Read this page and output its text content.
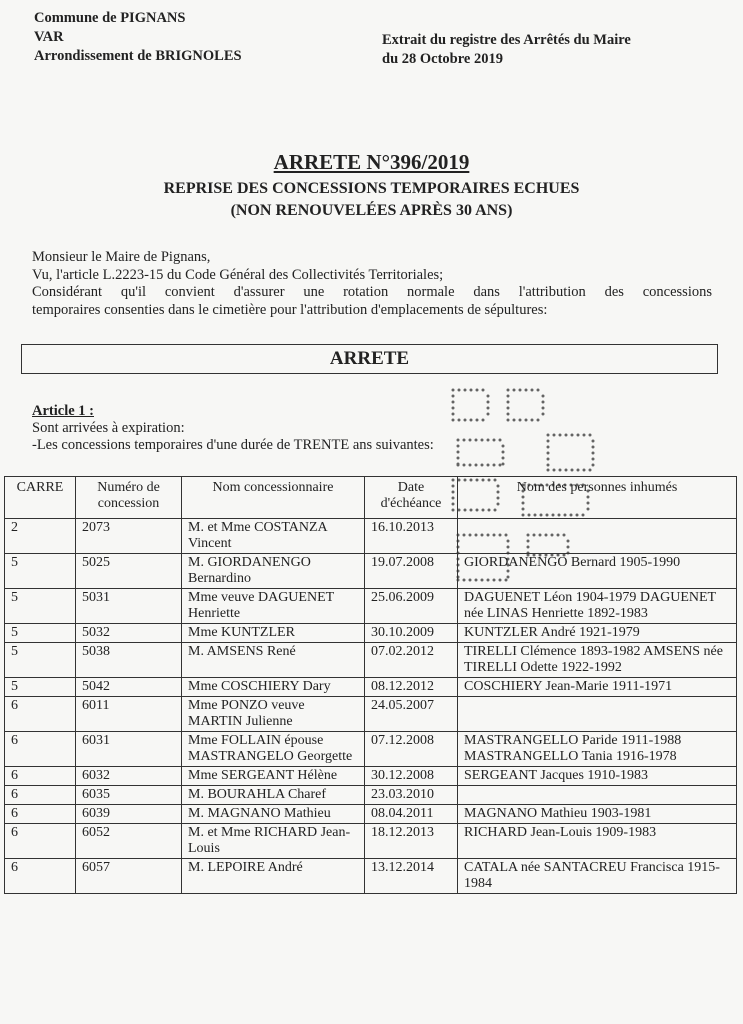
Commune de PIGNANS
VAR
Arrondissement de BRIGNOLES
Extrait du registre des Arrêtés du Maire
du 28 Octobre 2019
ARRETE N°396/2019
REPRISE DES CONCESSIONS TEMPORAIRES ECHUES
(NON RENOUVELÉES APRÈS 30 ANS)

Monsieur le Maire de Pignans,

Vu, l'article L.2223-15 du Code Général des Collectivités Territoriales;

Considérant qu'il convient d'assurer une rotation normale dans l'attribution des concessions

temporaires consenties dans le cimetière pour l'attribution d'emplacements de sépultures:

ARRETE

Article 1 :

Sont arrivées à expiration:

-Les concessions temporaires d'une durée de TRENTE ans suivantes:

CARRE	Numéro de concession	Nom concessionnaire	Date d'échéance	Nom des personnes inhumés
2	2073	M. et Mme COSTANZA Vincent	16.10.2013	
5	5025	M. GIORDANENGO Bernardino	19.07.2008	GIORDANENGO Bernard 1905-1990
5	5031	Mme veuve DAGUENET Henriette	25.06.2009	DAGUENET Léon 1904-1979 DAGUENET née LINAS Henriette 1892-1983
5	5032	Mme KUNTZLER	30.10.2009	KUNTZLER André 1921-1979
5	5038	M. AMSENS René	07.02.2012	TIRELLI Clémence 1893-1982 AMSENS née TIRELLI Odette 1922-1992
5	5042	Mme COSCHIERY Dary	08.12.2012	COSCHIERY Jean-Marie 1911-1971
6	6011	Mme PONZO veuve MARTIN Julienne	24.05.2007	
6	6031	Mme FOLLAIN épouse MASTRANGELO Georgette	07.12.2008	MASTRANGELLO Paride 1911-1988 MASTRANGELLO Tania 1916-1978
6	6032	Mme SERGEANT Hélène	30.12.2008	SERGEANT Jacques 1910-1983
6	6035	M. BOURAHLA Charef	23.03.2010	
6	6039	M. MAGNANO Mathieu	08.04.2011	MAGNANO Mathieu 1903-1981
6	6052	M. et Mme RICHARD Jean-Louis	18.12.2013	RICHARD Jean-Louis 1909-1983
6	6057	M. LEPOIRE André	13.12.2014	CATALA née SANTACREU Francisca 1915-1984
